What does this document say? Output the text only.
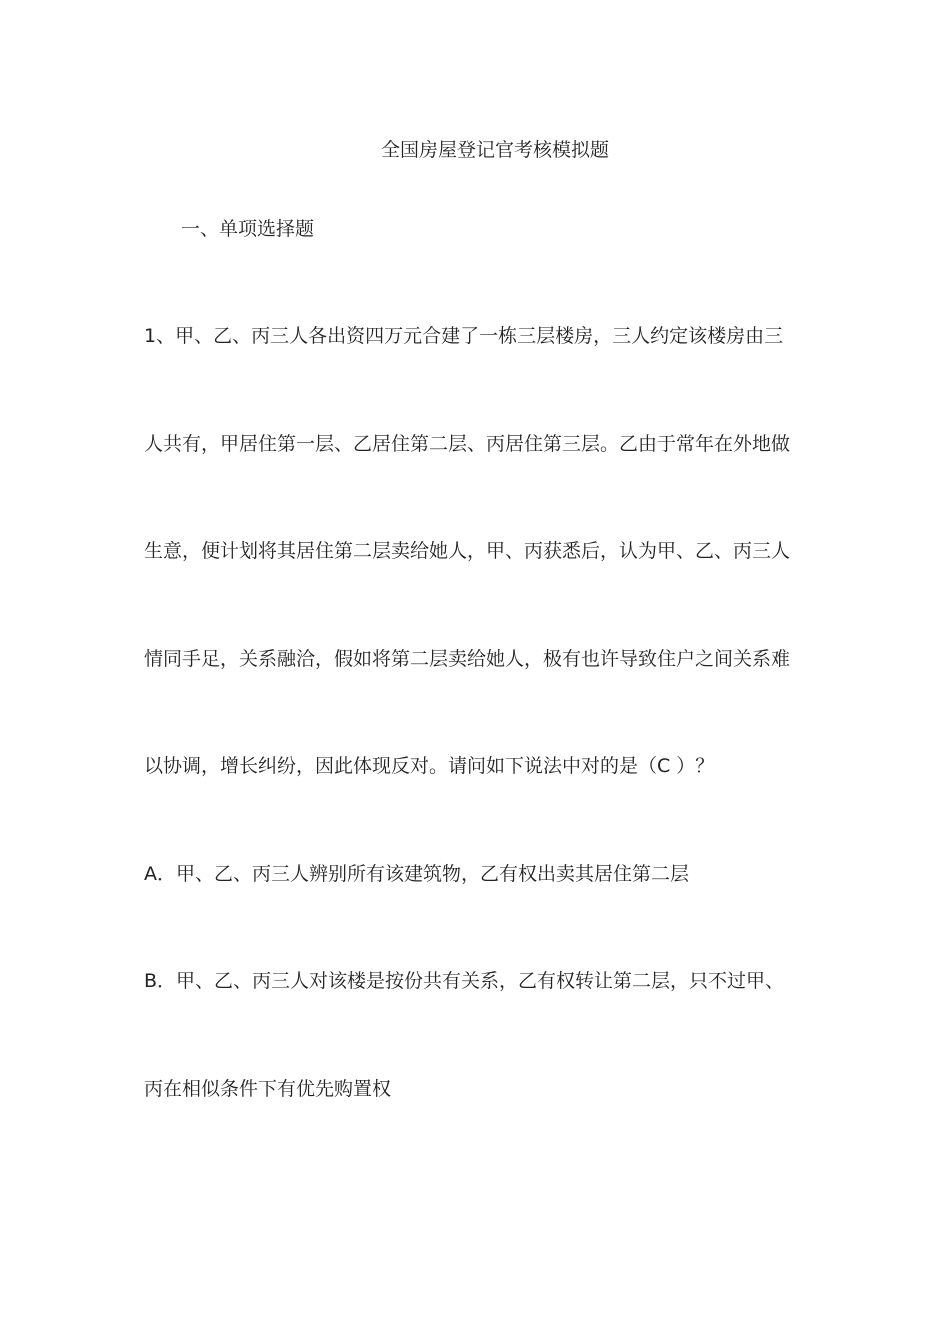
全国房屋登记官考核模拟题
一、单项选择题
1、甲、乙、丙三人各出资四万元合建了一栋三层楼房，三人约定该楼房由三
人共有，甲居住第一层、乙居住第二层、丙居住第三层。乙由于常年在外地做
生意，便计划将其居住第二层卖给她人，甲、丙获悉后，认为甲、乙、丙三人
情同手足，关系融洽，假如将第二层卖给她人，极有也许导致住户之间关系难
以协调，增长纠纷，因此体现反对。请问如下说法中对的是（C ）？
A．甲、乙、丙三人辨别所有该建筑物，乙有权出卖其居住第二层
B．甲、乙、丙三人对该楼是按份共有关系，乙有权转让第二层，只不过甲、
丙在相似条件下有优先购置权
